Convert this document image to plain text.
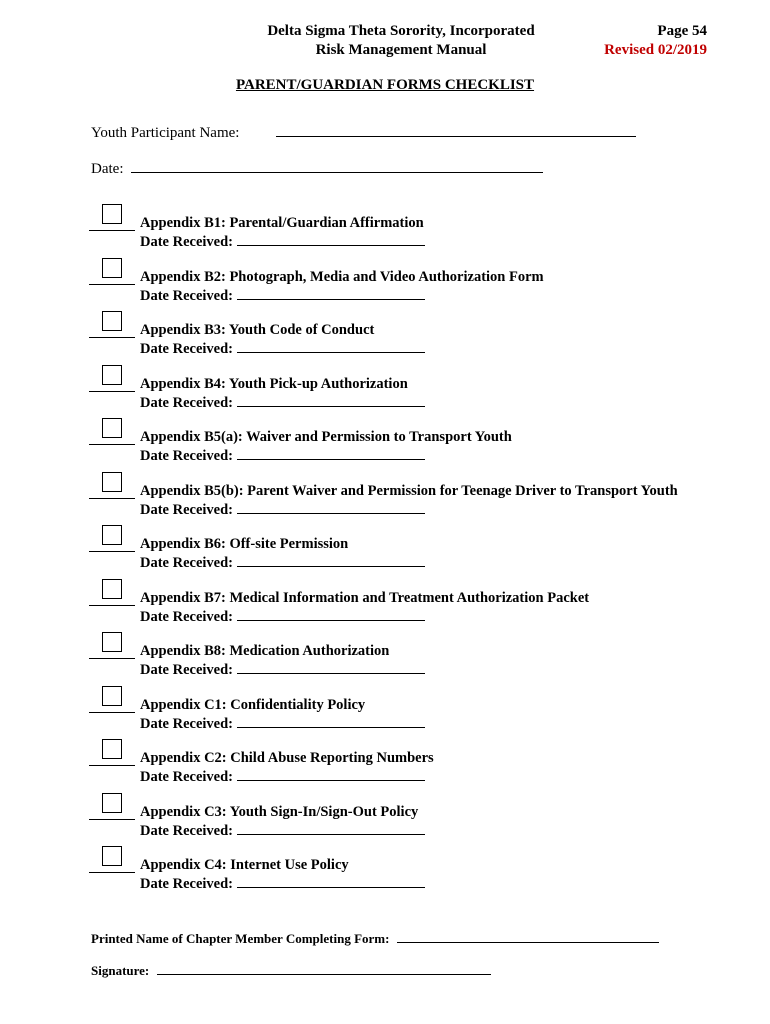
Delta Sigma Theta Sorority, Incorporated
Risk Management Manual
Page 54
Revised 02/2019
PARENT/GUARDIAN FORMS CHECKLIST
Youth Participant Name:
Date:
Appendix B1: Parental/Guardian Affirmation
Date Received:
Appendix B2: Photograph, Media and Video Authorization Form
Date Received:
Appendix B3: Youth Code of Conduct
Date Received:
Appendix B4: Youth Pick-up Authorization
Date Received:
Appendix B5(a): Waiver and Permission to Transport Youth
Date Received:
Appendix B5(b): Parent Waiver and Permission for Teenage Driver to Transport Youth
Date Received:
Appendix B6: Off-site Permission
Date Received:
Appendix B7: Medical Information and Treatment Authorization Packet
Date Received:
Appendix B8: Medication Authorization
Date Received:
Appendix C1: Confidentiality Policy
Date Received:
Appendix C2: Child Abuse Reporting Numbers
Date Received:
Appendix C3: Youth Sign-In/Sign-Out Policy
Date Received:
Appendix C4: Internet Use Policy
Date Received:
Printed Name of Chapter Member Completing Form:
Signature:
